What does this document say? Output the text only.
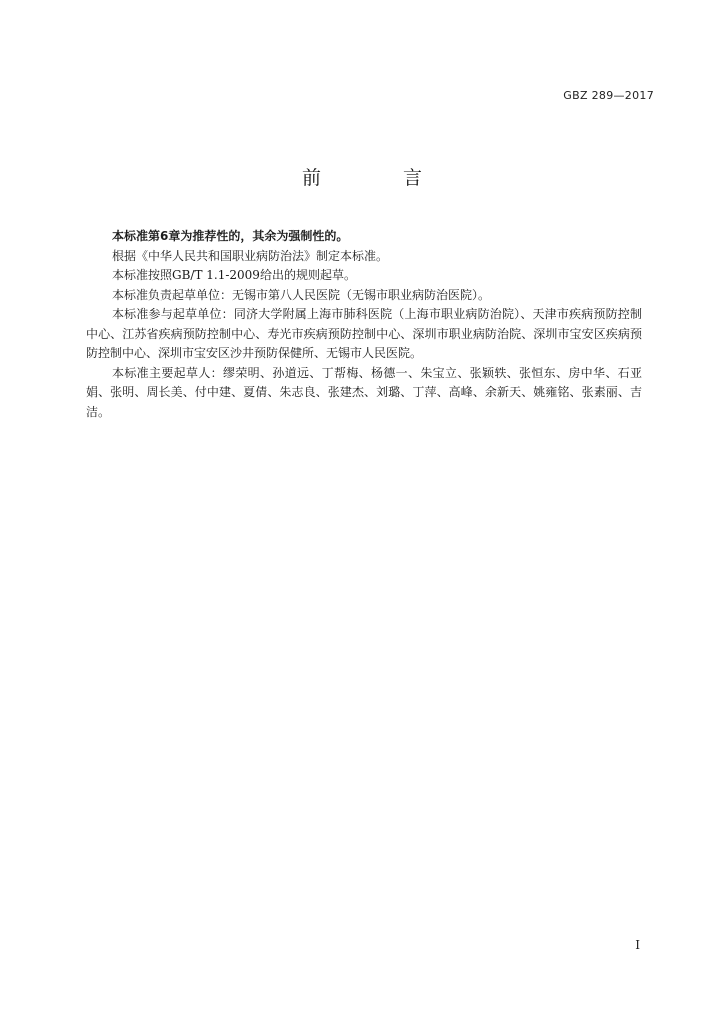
GBZ 289—2017
前 言

本标准第6章为推荐性的，其余为强制性的。

根据《中华人民共和国职业病防治法》制定本标准。

本标准按照GB/T 1.1-2009给出的规则起草。

本标准负责起草单位：无锡市第八人民医院（无锡市职业病防治医院）。

本标准参与起草单位：同济大学附属上海市肺科医院（上海市职业病防治院）、天津市疾病预防控制中心、江苏省疾病预防控制中心、寿光市疾病预防控制中心、深圳市职业病防治院、深圳市宝安区疾病预防控制中心、深圳市宝安区沙井预防保健所、无锡市人民医院。

本标准主要起草人：缪荣明、孙道远、丁帮梅、杨德一、朱宝立、张颖轶、张恒东、房中华、石亚娟、张明、周长美、付中建、夏倩、朱志良、张建杰、刘璐、丁萍、高峰、余新天、姚雍铭、张素丽、吉洁。

I
